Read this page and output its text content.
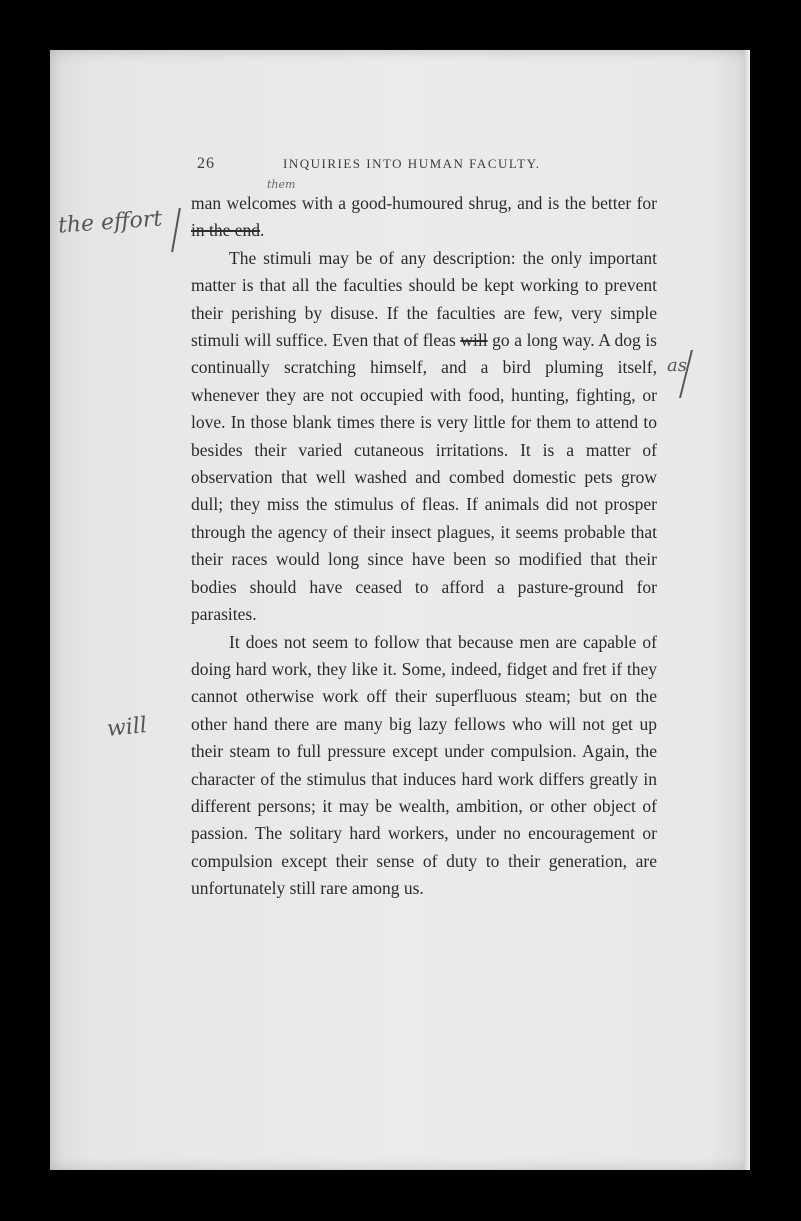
26	INQUIRIES INTO HUMAN FACULTY.

man welcomes with a good-humoured shrug, and is the better for in the end.

The stimuli may be of any description: the only important matter is that all the faculties should be kept working to prevent their perishing by disuse. If the faculties are few, very simple stimuli will suffice. Even that of fleas will go a long way. A dog is continually scratching himself, and a bird pluming itself, whenever they are not occupied with food, hunting, fighting, or love. In those blank times there is very little for them to attend to besides their varied cutaneous irritations. It is a matter of observation that well washed and combed domestic pets grow dull; they miss the stimulus of fleas. If animals did not prosper through the agency of their insect plagues, it seems probable that their races would long since have been so modified that their bodies should have ceased to afford a pasture-ground for parasites.

It does not seem to follow that because men are capable of doing hard work, they like it. Some, indeed, fidget and fret if they cannot otherwise work off their superfluous steam; but on the other hand there are many big lazy fellows who will not get up their steam to full pressure except under compulsion. Again, the character of the stimulus that induces hard work differs greatly in different persons; it may be wealth, ambition, or other object of passion. The solitary hard workers, under no encouragement or compulsion except their sense of duty to their generation, are unfortunately still rare among us.

the effort
them
as
will
